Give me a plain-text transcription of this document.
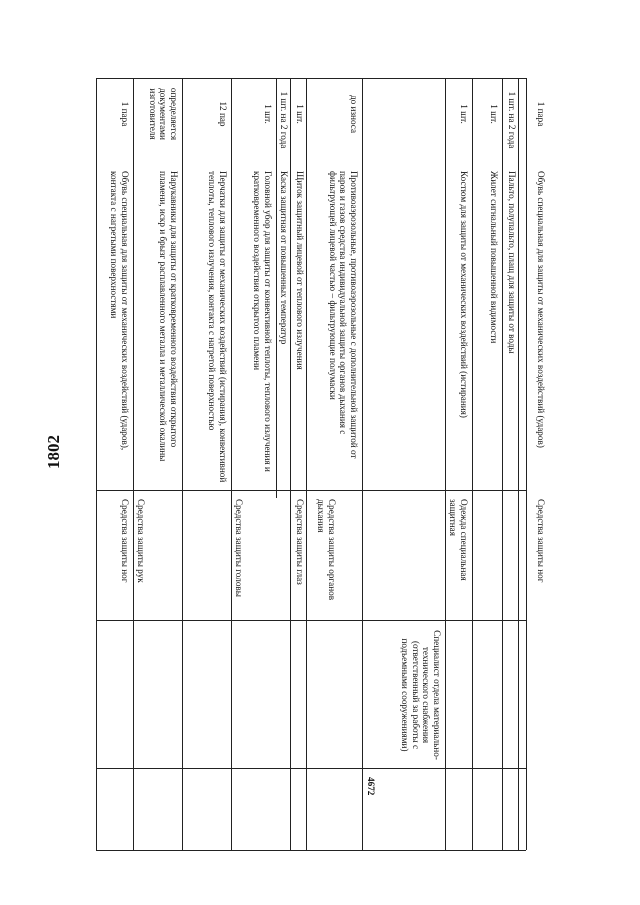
1802
1 пара
Обувь специальная для защиты от механических воздействий (ударов), контакта с нагретыми поверхностями
Средства защиты ног
определяется документами изготовителя
Нарукавники для защиты от кратковременного воздействия открытого пламени, искр и брызг расплавленного металла и металлической окалины
Средства защиты рук
12 пар
Перчатки для защиты от механических воздействий (истирания), конвективной теплоты, теплового излучения, контакта с нагретой поверхностью
1 шт.
Головной убор для защиты от конвективной теплоты, теплового излучения и кратковременного воздействия открытого пламени
Средства защиты головы
1 шт. на 2 года
Каска защитная от повышенных температур
1 шт.
Щиток защитный лицевой от теплового излучения
Средства защиты глаз
до износа
Противоаэрозольные, противоаэрозольные с дополнительной защитой от паров и газов средства индивидуальной защиты органов дыхания с фильтрующей лицевой частью – фильтрующие полумаски
Средства защиты органов дыхания
4672
Специалист отдела материально-технического снабжения (ответственный за работы с подъемными сооружениями)
1 шт.
Костюм для защиты от механических воздействий (истирания)
Одежда специальная защитная
1 шт.
Жилет сигнальный повышенной видимости
1 шт. на 2 года
Пальто, полупальто, плащ для защиты от воды
1 пара
Обувь специальная для защиты от механических воздействий (ударов)
Средства защиты ног
